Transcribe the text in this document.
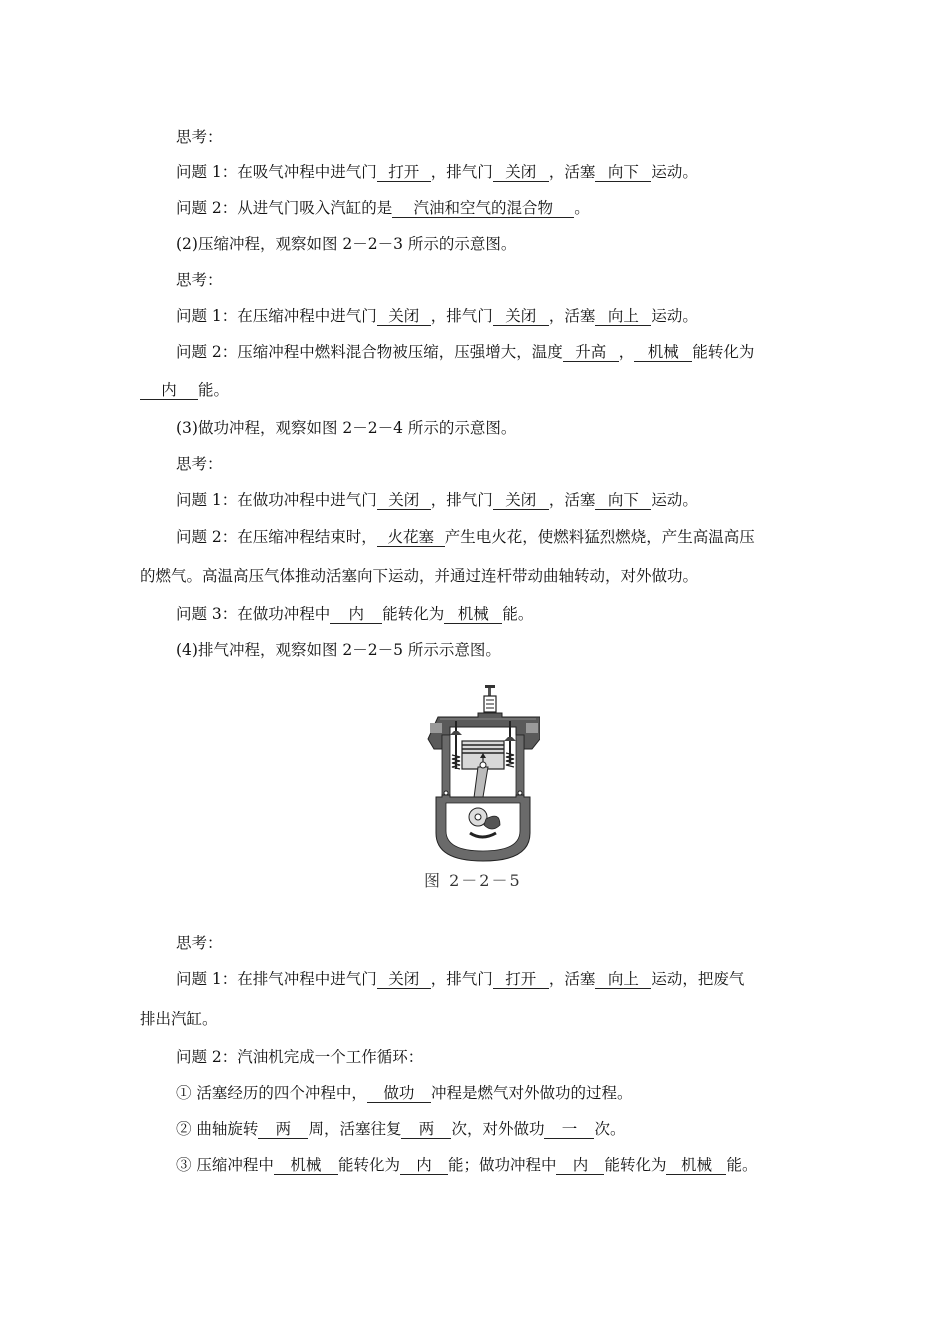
思考：
问题 1：在吸气冲程中进气门 打开 ，排气门 关闭 ，活塞 向下 运动。
问题 2：从进气门吸入汽缸的是 汽油和空气的混合物 。
(2)压缩冲程，观察如图 2－2－3 所示的示意图。
思考：
问题 1：在压缩冲程中进气门 关闭 ，排气门 关闭 ，活塞 向上 运动。
问题 2：压缩冲程中燃料混合物被压缩，压强增大，温度 升高 ， 机械 能转化为
内 能。
(3)做功冲程，观察如图 2－2－4 所示的示意图。
思考：
问题 1：在做功冲程中进气门 关闭 ，排气门 关闭 ，活塞 向下 运动。
问题 2：在压缩冲程结束时， 火花塞 产生电火花，使燃料猛烈燃烧，产生高温高压
的燃气。高温高压气体推动活塞向下运动，并通过连杆带动曲轴转动，对外做功。
问题 3：在做功冲程中 内 能转化为 机械 能。
(4)排气冲程，观察如图 2－2－5 所示示意图。
图 2－2－5
思考：
问题 1：在排气冲程中进气门 关闭 ，排气门 打开 ，活塞 向上 运动，把废气
排出汽缸。
问题 2：汽油机完成一个工作循环：
① 活塞经历的四个冲程中， 做功 冲程是燃气对外做功的过程。
② 曲轴旋转 两 周，活塞往复 两 次，对外做功 一 次。
③ 压缩冲程中 机械 能转化为 内 能；做功冲程中 内 能转化为 机械 能。
